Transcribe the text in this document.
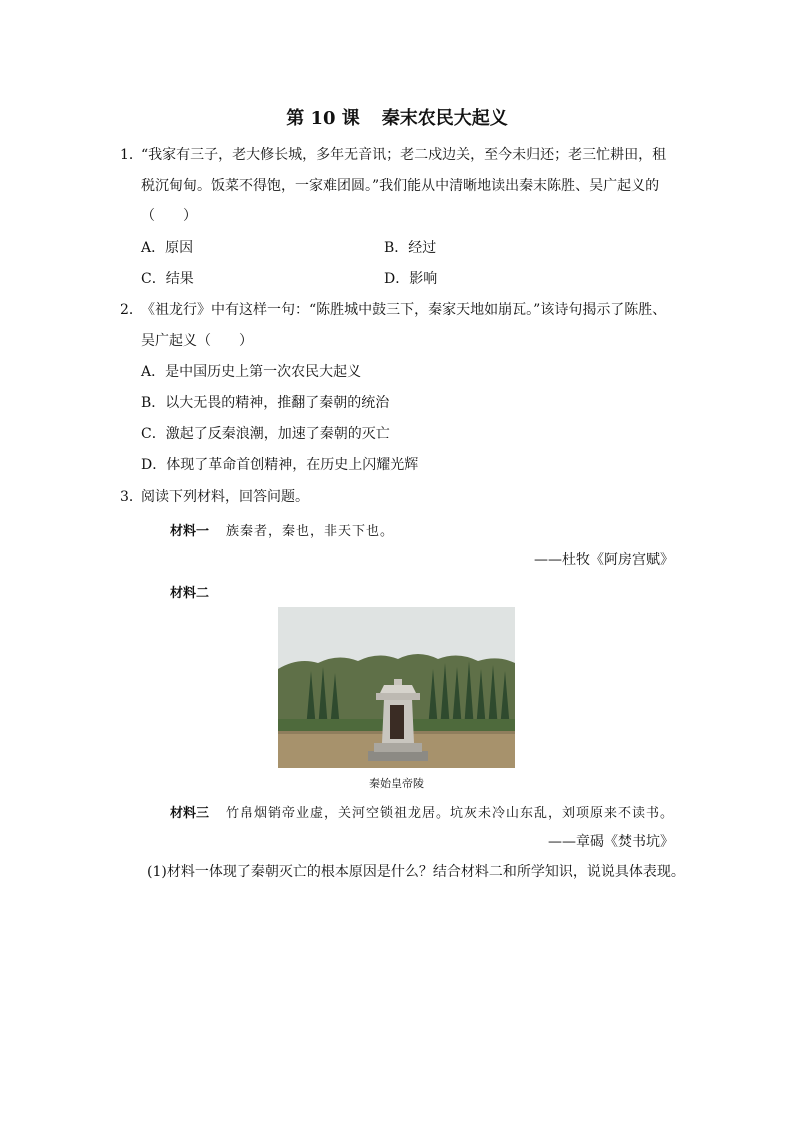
第 10 课 秦末农民大起义
1．
“我家有三子，老大修长城，多年无音讯；老二戍边关，至今未归还；老三忙耕田，租
税沉甸甸。饭菜不得饱，一家难团圆。”我们能从中清晰地读出秦末陈胜、吴广起义的
（　　）
A．原因	B．经过
C．结果	D．影响
2．
《祖龙行》中有这样一句：“陈胜城中鼓三下，秦家天地如崩瓦。”该诗句揭示了陈胜、
吴广起义（　　）
A．是中国历史上第一次农民大起义
B．以大无畏的精神，推翻了秦朝的统治
C．激起了反秦浪潮，加速了秦朝的灭亡
D．体现了革命首创精神，在历史上闪耀光辉
3．
阅读下列材料，回答问题。
材料一 族秦者，秦也，非天下也。
——杜牧《阿房宫赋》
材料二
秦始皇帝陵
材料三 竹帛烟销帝业虚，关河空锁祖龙居。坑灰未冷山东乱，刘项原来不读书。
——章碣《焚书坑》
(1)材料一体现了秦朝灭亡的根本原因是什么？结合材料二和所学知识，说说具体表现。
